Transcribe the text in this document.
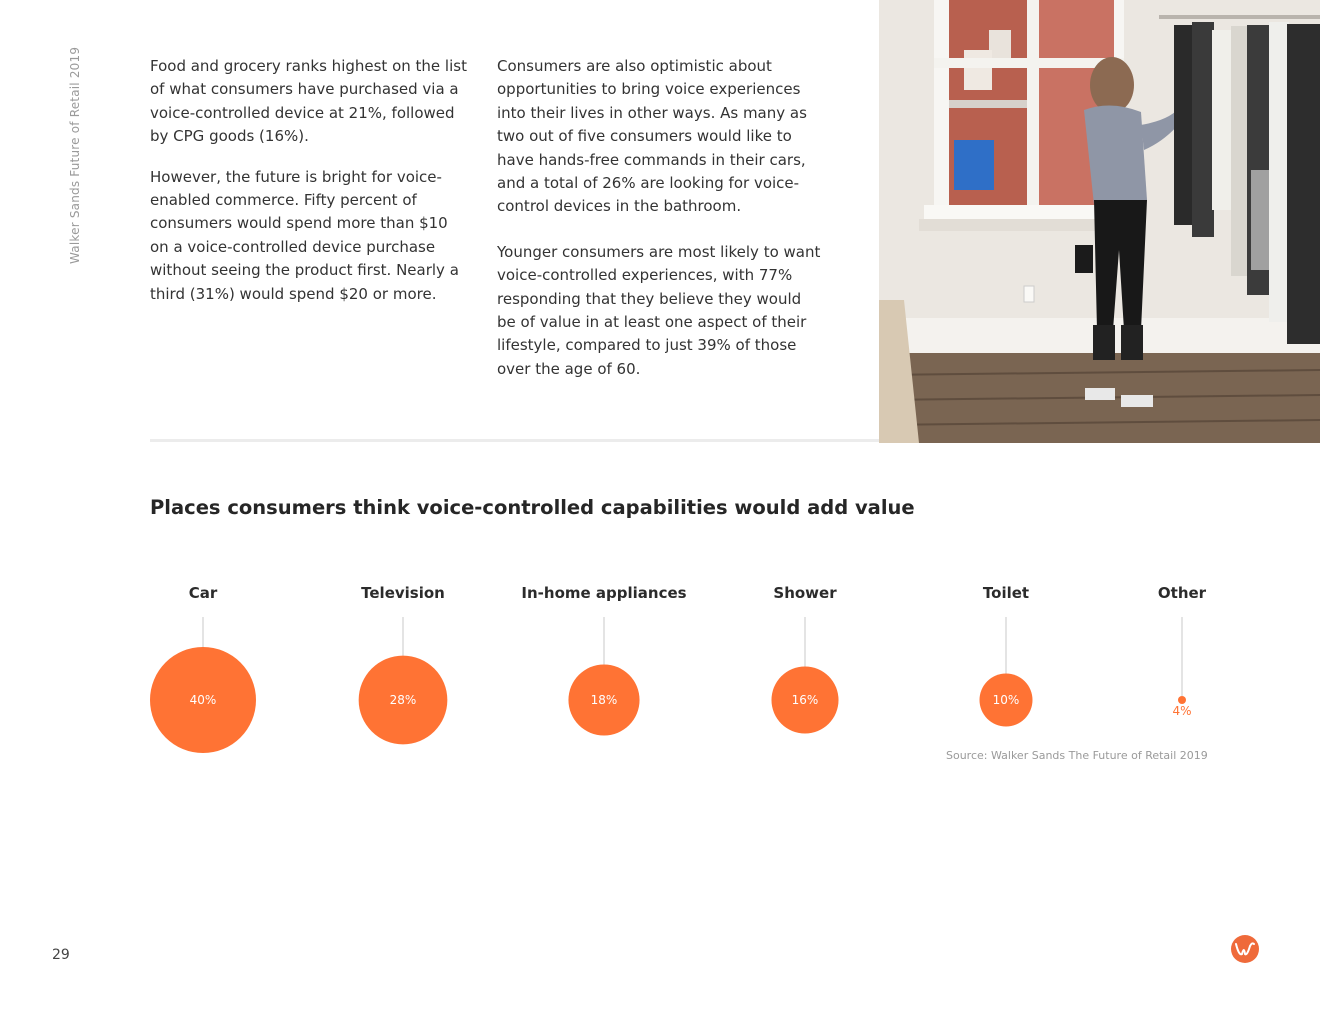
Walker Sands Future of Retail 2019	Food and grocery ranks highest on the list of what consumers have purchased via a voice-controlled device at 21%, followed by CPG goods (16%).

However, the future is bright for voice-enabled commerce. Fifty percent of consumers would spend more than $10 on a voice-controlled device purchase without seeing the product first. Nearly a third (31%) would spend $20 or more.

Consumers are also optimistic about opportunities to bring voice experiences into their lives in other ways. As many as two out of five consumers would like to have hands-free commands in their cars, and a total of 26% are looking for voice-control devices in the bathroom.

Younger consumers are most likely to want voice-controlled experiences, with 77% responding that they believe they would be of value in at least one aspect of their lifestyle, compared to just 39% of those over the age of 60.

Places consumers think voice-controlled capabilities would add value
Car
40%
Television
28%
In-home appliances
18%
Shower
16%
Toilet
10%
Other
4%
Source: Walker Sands The Future of Retail 2019
29
